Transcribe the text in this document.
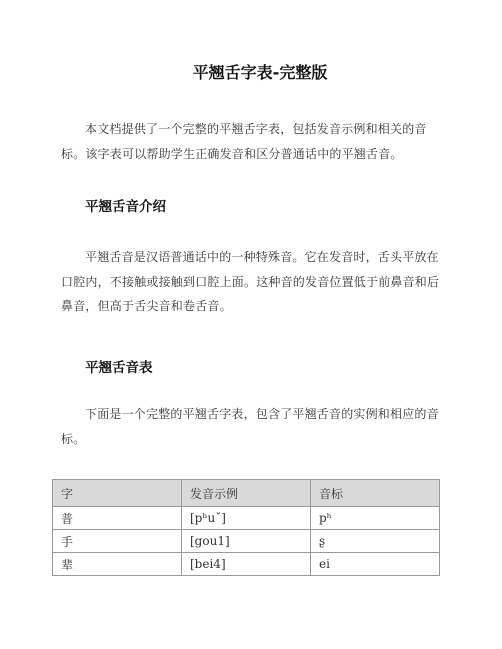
平翘舌字表-完整版

本文档提供了一个完整的平翘舌字表，包括发音示例和相关的音标。该字表可以帮助学生正确发音和区分普通话中的平翘舌音。

平翘舌音介绍

平翘舌音是汉语普通话中的一种特殊音。它在发音时，舌头平放在口腔内，不接触或接触到口腔上面。这种音的发音位置低于前鼻音和后鼻音，但高于舌尖音和卷舌音。

平翘舌音表

下面是一个完整的平翘舌字表，包含了平翘舌音的实例和相应的音标。

字	发音示例	音标
普	[pʰuˇ]	pʰ
手	[gou1]	ʂ
辈	[bei4]	ei
